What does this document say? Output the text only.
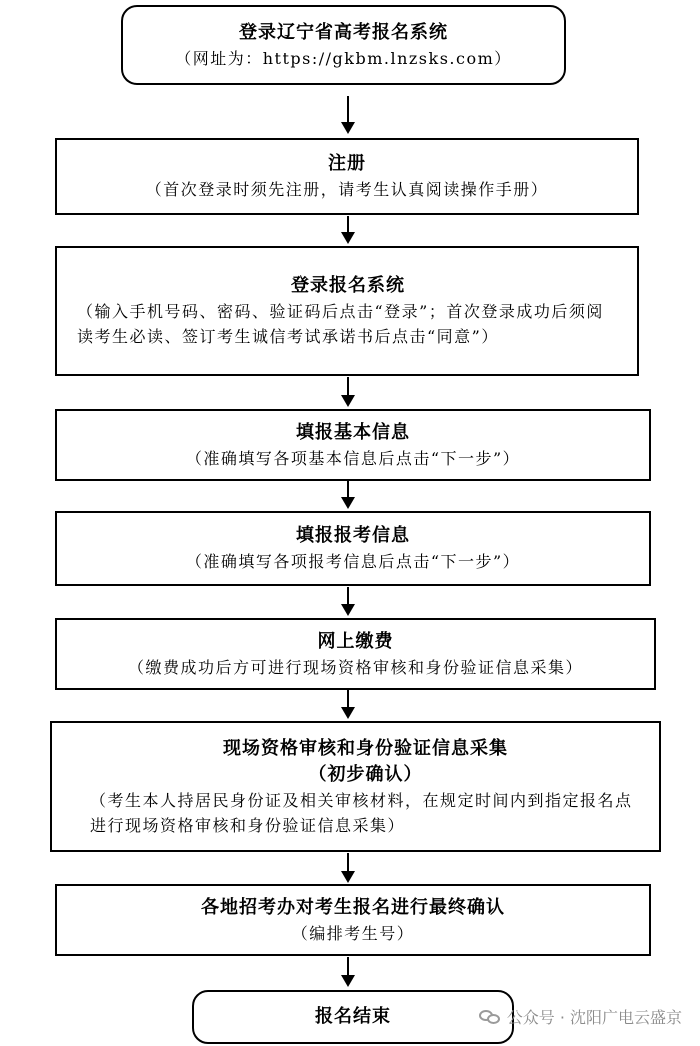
登录辽宁省高考报名系统
（网址为：https://gkbm.lnzsks.com）
注册
（首次登录时须先注册，请考生认真阅读操作手册）
登录报名系统
（输入手机号码、密码、验证码后点击“登录”；首次登录成功后须阅读考生必读、签订考生诚信考试承诺书后点击“同意”）
填报基本信息
（准确填写各项基本信息后点击“下一步”）
填报报考信息
（准确填写各项报考信息后点击“下一步”）
网上缴费
（缴费成功后方可进行现场资格审核和身份验证信息采集）
现场资格审核和身份验证信息采集
（初步确认）
（考生本人持居民身份证及相关审核材料，在规定时间内到指定报名点进行现场资格审核和身份验证信息采集）
各地招考办对考生报名进行最终确认
（编排考生号）
报名结束	公众号 · 沈阳广电云盛京
